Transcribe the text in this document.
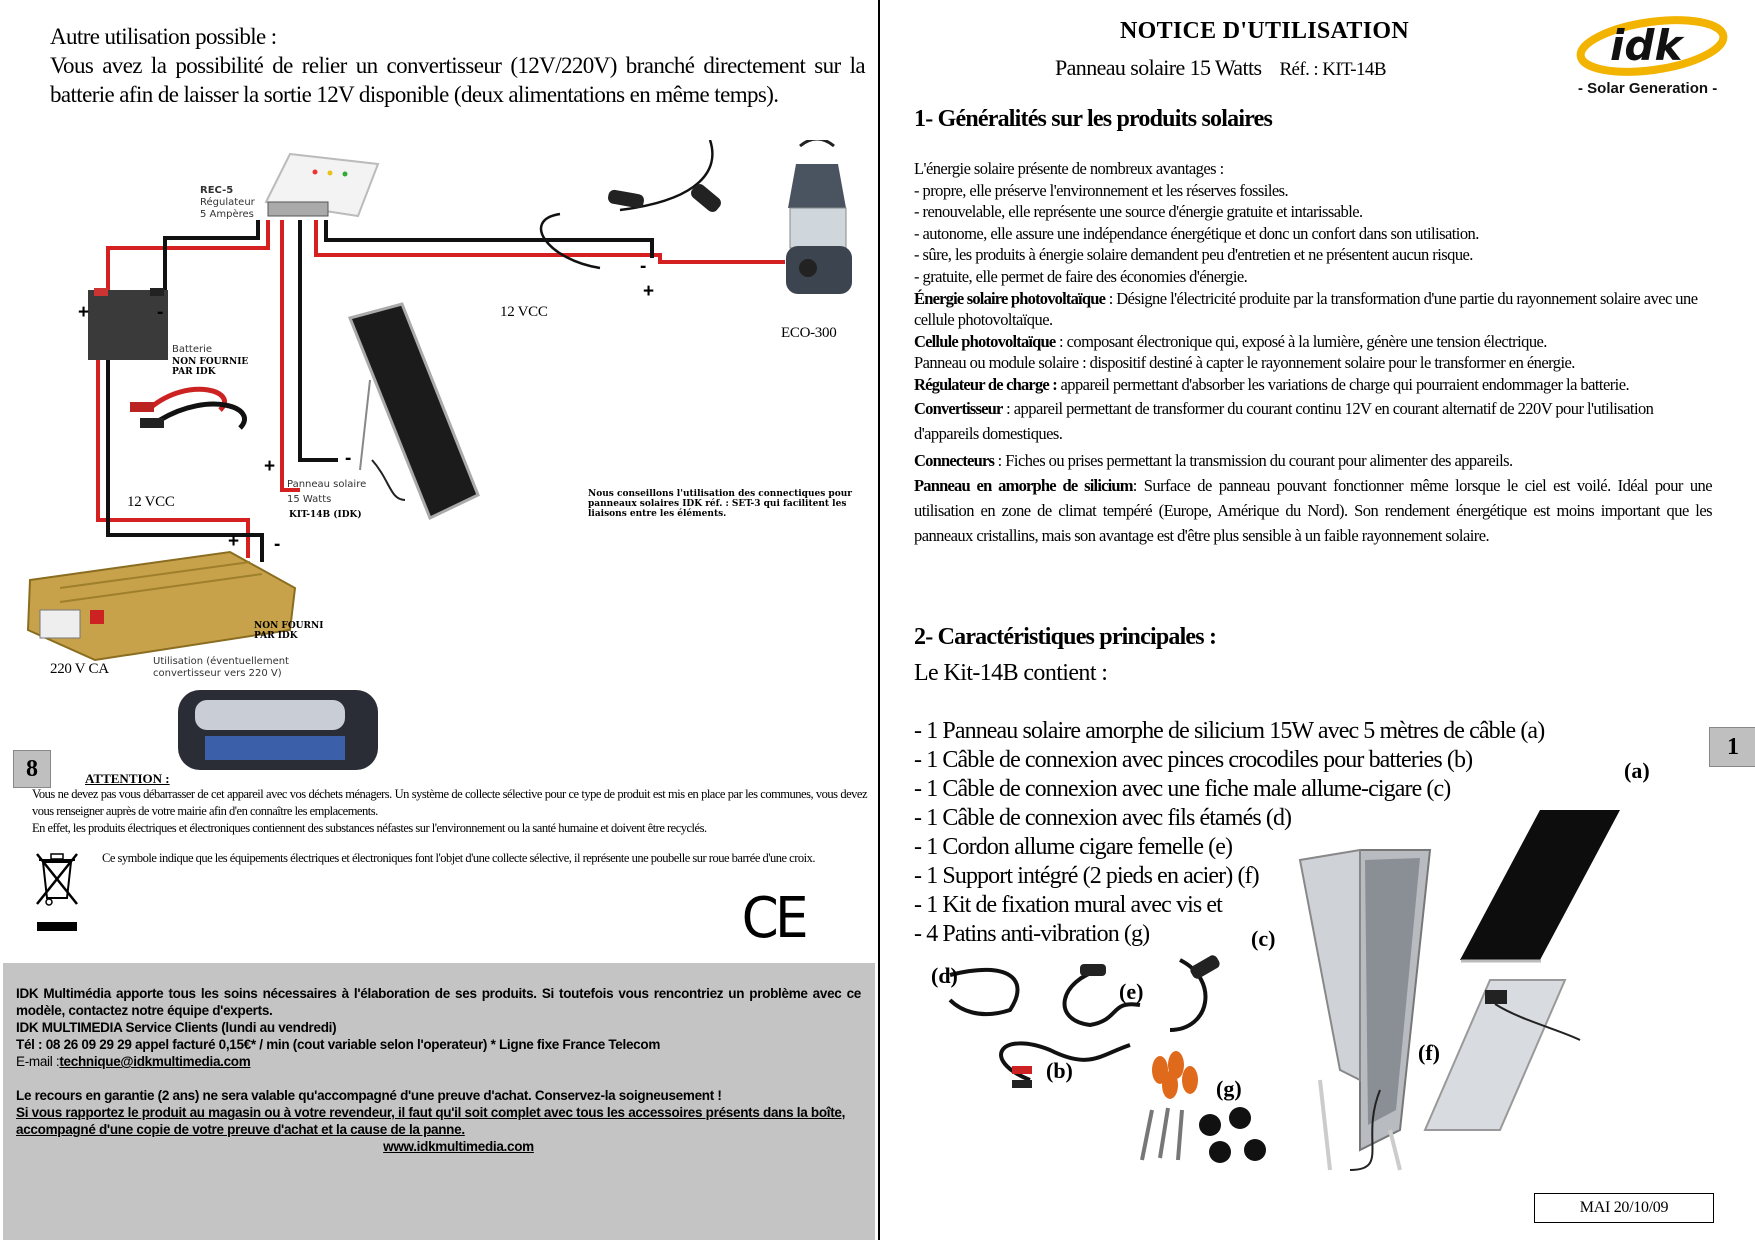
Autre utilisation possible :
Vous avez la possibilité de relier un convertisseur (12V/220V) branché directement sur la batterie afin de laisser la sortie 12V disponible (deux alimentations en même temps).
REC-5
Régulateur
5 Ampères
12 VCC
ECO-300
Batterie
NON FOURNIE
PAR IDK
Panneau solaire
15 Watts
KIT-14B (IDK)
12 VCC	Nous conseillons l'utilisation des connectiques pour
panneaux solaires IDK réf. : SET-3 qui facilitent les
liaisons entre les éléments.
NON FOURNI
PAR IDK
220 V CA	Utilisation (éventuellement
convertisseur vers 220 V)
+	-
+
-
+	-
+ -
8	ATTENTION :
Vous ne devez pas vous débarrasser de cet appareil avec vos déchets ménagers. Un système de collecte sélective pour ce type de produit est mis en place par les communes, vous devez vous renseigner auprès de votre mairie afin d'en connaître les emplacements.
En effet, les produits électriques et électroniques contiennent des substances néfastes sur l'environnement ou la santé humaine et doivent être recyclés.
Ce symbole indique que les équipements électriques et électroniques font l'objet d'une collecte sélective, il représente une poubelle sur roue barrée d'une croix.
CE
IDK Multimédia apporte tous les soins nécessaires à l'élaboration de ses produits. Si toutefois vous rencontriez un problème avec ce modèle, contactez notre équipe d'experts.
IDK MULTIMEDIA Service Clients (lundi au vendredi)
Tél : 08 26 09 29 29 appel facturé 0,15€* / min (cout variable selon l'operateur) * Ligne fixe France Telecom
E-mail :technique@idkmultimedia.com
Le recours en garantie (2 ans) ne sera valable qu'accompagné d'une preuve d'achat. Conservez-la soigneusement !
Si vous rapportez le produit au magasin ou à votre revendeur, il faut qu'il soit complet avec tous les accessoires présents dans la boîte, accompagné d'une copie de votre preuve d'achat et la cause de la panne.
www.idkmultimedia.com
NOTICE D'UTILISATION
Panneau solaire 15 Watts Réf. : KIT-14B	idk
- Solar Generation -
1- Généralités sur les produits solaires
L'énergie solaire présente de nombreux avantages :
- propre, elle préserve l'environnement et les réserves fossiles.
- renouvelable, elle représente une source d'énergie gratuite et intarissable.
- autonome, elle assure une indépendance énergétique et donc un confort dans son utilisation.
- sûre, les produits à énergie solaire demandent peu d'entretien et ne présentent aucun risque.
- gratuite, elle permet de faire des économies d'énergie.
Énergie solaire photovoltaïque : Désigne l'électricité produite par la transformation d'une partie du rayonnement solaire avec une cellule photovoltaïque.
Cellule photovoltaïque : composant électronique qui, exposé à la lumière, génère une tension électrique.
Panneau ou module solaire : dispositif destiné à capter le rayonnement solaire pour le transformer en énergie.
Régulateur de charge : appareil permettant d'absorber les variations de charge qui pourraient endommager la batterie.
Convertisseur : appareil permettant de transformer du courant continu 12V en courant alternatif de 220V pour l'utilisation d'appareils domestiques.
Connecteurs : Fiches ou prises permettant la transmission du courant pour alimenter des appareils.
Panneau en amorphe de silicium: Surface de panneau pouvant fonctionner même lorsque le ciel est voilé. Idéal pour une utilisation en zone de climat tempéré (Europe, Amérique du Nord). Son rendement énergétique est moins important que les panneaux cristallins, mais son avantage est d'être plus sensible à un faible rayonnement solaire.
2- Caractéristiques principales :
Le Kit-14B contient :
- 1 Panneau solaire amorphe de silicium 15W avec 5 mètres de câble (a)
- 1 Câble de connexion avec pinces crocodiles pour batteries (b)
- 1 Câble de connexion avec une fiche male allume-cigare (c)
- 1 Câble de connexion avec fils étamés (d)
- 1 Cordon allume cigare femelle (e)
- 1 Support intégré (2 pieds en acier) (f)
- 1 Kit de fixation mural avec vis et
- 4 Patins anti-vibration (g)
1
(a)
(c)
(d)
(e)
(f)
(b)
(g)
MAI 20/10/09
